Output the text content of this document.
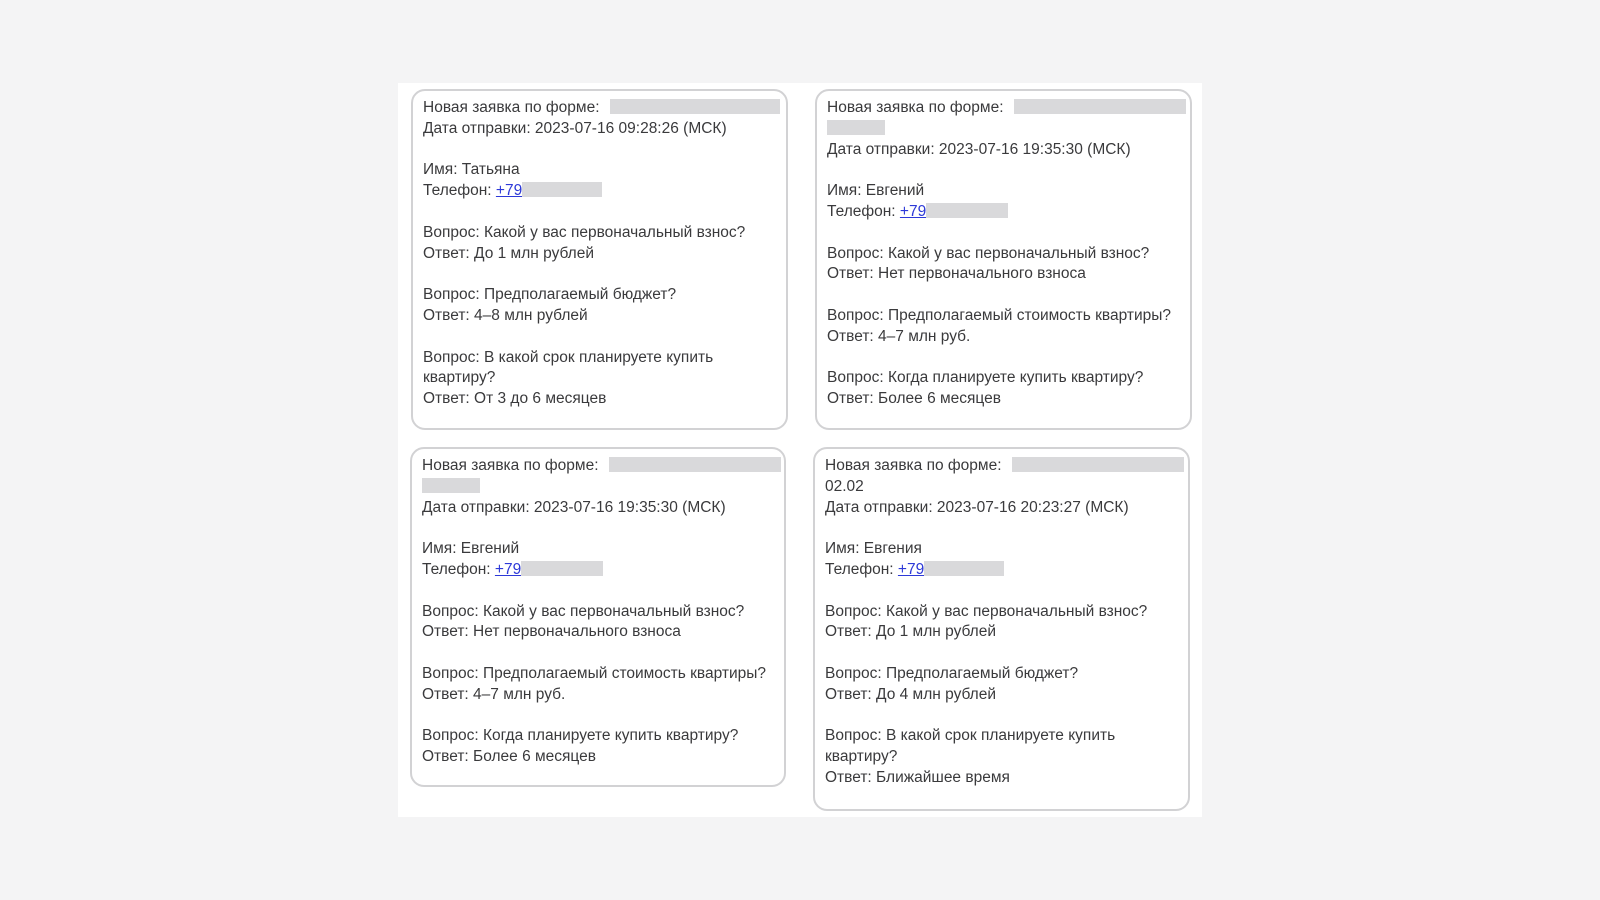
Новая заявка по форме:
Дата отправки: 2023-07-16 09:28:26 (МСК)
Имя: Татьяна
Телефон: +79
Вопрос: Какой у вас первоначальный взнос?
Ответ: До 1 млн рублей
Вопрос: Предполагаемый бюджет?
Ответ: 4–8 млн рублей
Вопрос: В какой срок планируете купить
квартиру?
Ответ: От 3 до 6 месяцев
Новая заявка по форме:
Дата отправки: 2023-07-16 19:35:30 (МСК)
Имя: Евгений
Телефон: +79
Вопрос: Какой у вас первоначальный взнос?
Ответ: Нет первоначального взноса
Вопрос: Предполагаемый стоимость квартиры?
Ответ: 4–7 млн руб.
Вопрос: Когда планируете купить квартиру?
Ответ: Более 6 месяцев
Новая заявка по форме:
Дата отправки: 2023-07-16 19:35:30 (МСК)
Имя: Евгений
Телефон: +79
Вопрос: Какой у вас первоначальный взнос?
Ответ: Нет первоначального взноса
Вопрос: Предполагаемый стоимость квартиры?
Ответ: 4–7 млн руб.
Вопрос: Когда планируете купить квартиру?
Ответ: Более 6 месяцев
Новая заявка по форме:
02.02
Дата отправки: 2023-07-16 20:23:27 (МСК)
Имя: Евгения
Телефон: +79
Вопрос: Какой у вас первоначальный взнос?
Ответ: До 1 млн рублей
Вопрос: Предполагаемый бюджет?
Ответ: До 4 млн рублей
Вопрос: В какой срок планируете купить
квартиру?
Ответ: Ближайшее время
